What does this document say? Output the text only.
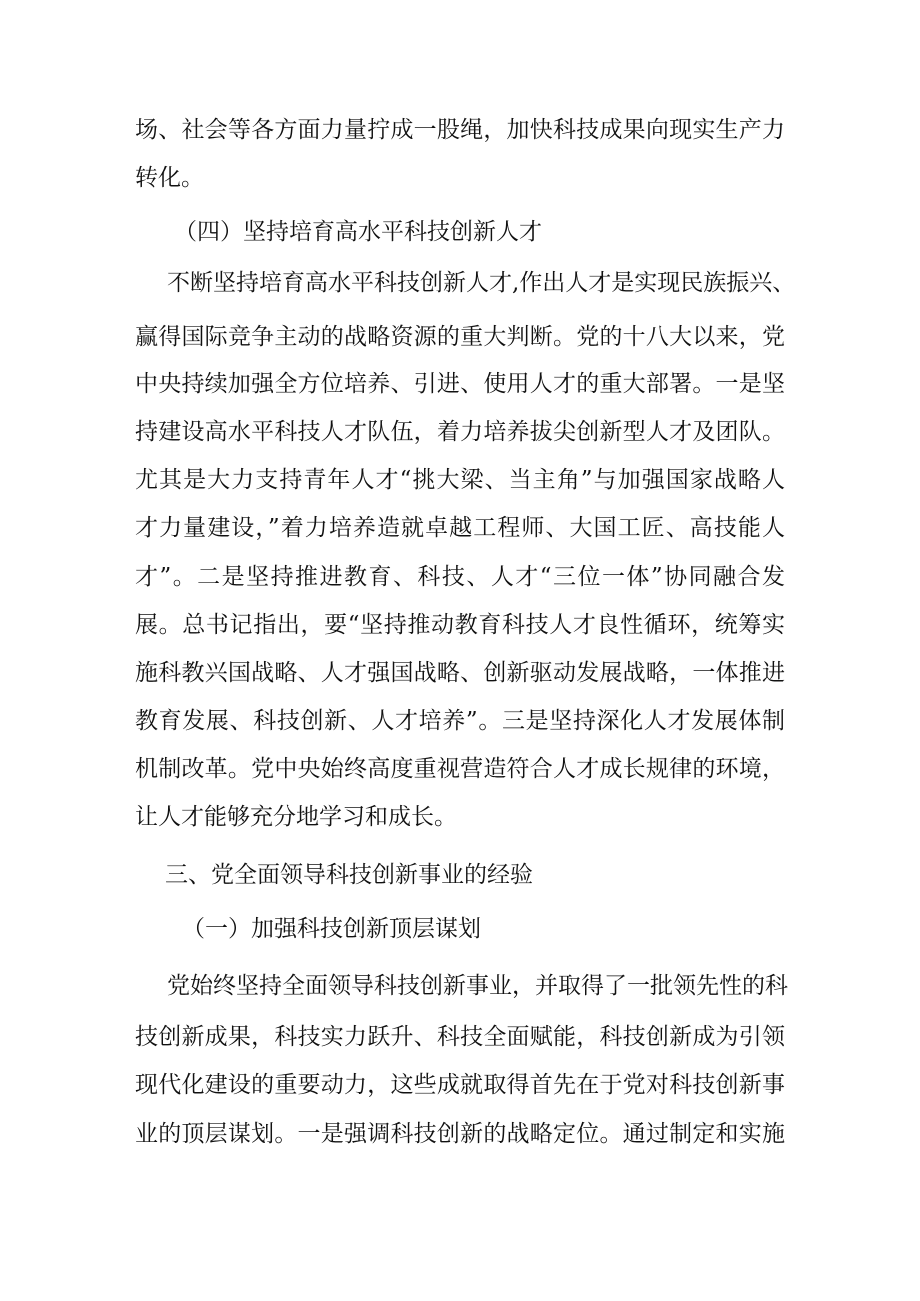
场、社会等各方面力量拧成一股绳，加快科技成果向现实生产力
转化。
（四）坚持培育高水平科技创新人才
不断坚持培育高水平科技创新人才,作出人才是实现民族振兴、
赢得国际竞争主动的战略资源的重大判断。党的十八大以来，党
中央持续加强全方位培养、引进、使用人才的重大部署。一是坚
持建设高水平科技人才队伍，着力培养拔尖创新型人才及团队。
尤其是大力支持青年人才“挑大梁、当主角”与加强国家战略人
才力量建设，”着力培养造就卓越工程师、大国工匠、高技能人
才”。二是坚持推进教育、科技、人才“三位一体”协同融合发
展。总书记指出，要“坚持推动教育科技人才良性循环，统筹实
施科教兴国战略、人才强国战略、创新驱动发展战略，一体推进
教育发展、科技创新、人才培养”。三是坚持深化人才发展体制
机制改革。党中央始终高度重视营造符合人才成长规律的环境，
让人才能够充分地学习和成长。
三、党全面领导科技创新事业的经验
（一）加强科技创新顶层谋划
党始终坚持全面领导科技创新事业，并取得了一批领先性的科
技创新成果，科技实力跃升、科技全面赋能，科技创新成为引领
现代化建设的重要动力，这些成就取得首先在于党对科技创新事
业的顶层谋划。一是强调科技创新的战略定位。通过制定和实施
